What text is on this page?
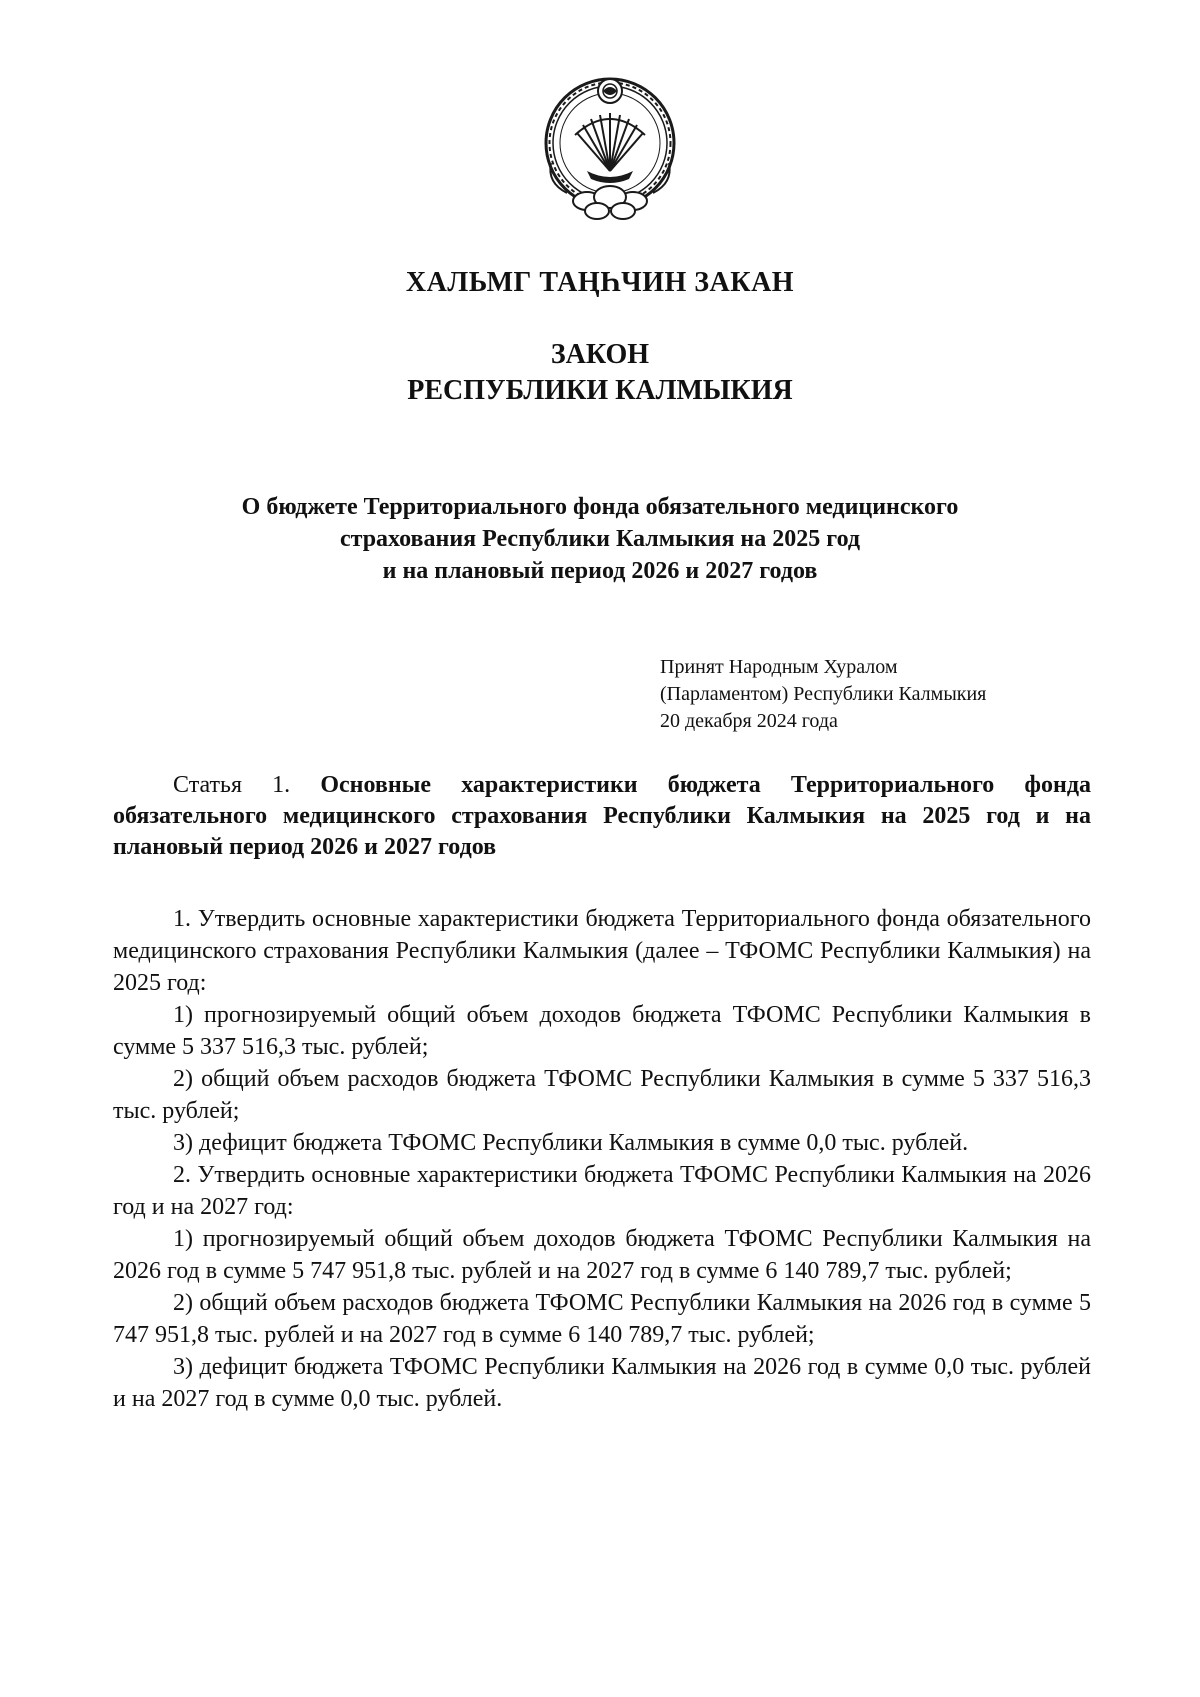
ХАЛЬМГ ТАҢҺЧИН ЗАКАН
ЗАКОН
РЕСПУБЛИКИ КАЛМЫКИЯ
О бюджете Территориального фонда обязательного медицинского
страхования Республики Калмыкия на 2025 год
и на плановый период 2026 и 2027 годов
Принят Народным Хуралом
(Парламентом) Республики Калмыкия
20 декабря 2024 года
Статья 1. Основные характеристики бюджета Территориального фонда обязательного медицинского страхования Республики Калмыкия на 2025 год и на плановый период 2026 и 2027 годов

1. Утвердить основные характеристики бюджета Территориального фонда обязательного медицинского страхования Республики Калмыкия (далее – ТФОМС Республики Калмыкия) на 2025 год:

1) прогнозируемый общий объем доходов бюджета ТФОМС Республики Калмыкия в сумме 5 337 516,3 тыс. рублей;

2) общий объем расходов бюджета ТФОМС Республики Калмыкия в сумме 5 337 516,3 тыс. рублей;

3) дефицит бюджета ТФОМС Республики Калмыкия в сумме 0,0 тыс. рублей.

2. Утвердить основные характеристики бюджета ТФОМС Республики Калмыкия на 2026 год и на 2027 год:

1) прогнозируемый общий объем доходов бюджета ТФОМС Республики Калмыкия на 2026 год в сумме 5 747 951,8 тыс. рублей и на 2027 год в сумме 6 140 789,7 тыс. рублей;

2) общий объем расходов бюджета ТФОМС Республики Калмыкия на 2026 год в сумме 5 747 951,8 тыс. рублей и на 2027 год в сумме 6 140 789,7 тыс. рублей;

3) дефицит бюджета ТФОМС Республики Калмыкия на 2026 год в сумме 0,0 тыс. рублей и на 2027 год в сумме 0,0 тыс. рублей.
